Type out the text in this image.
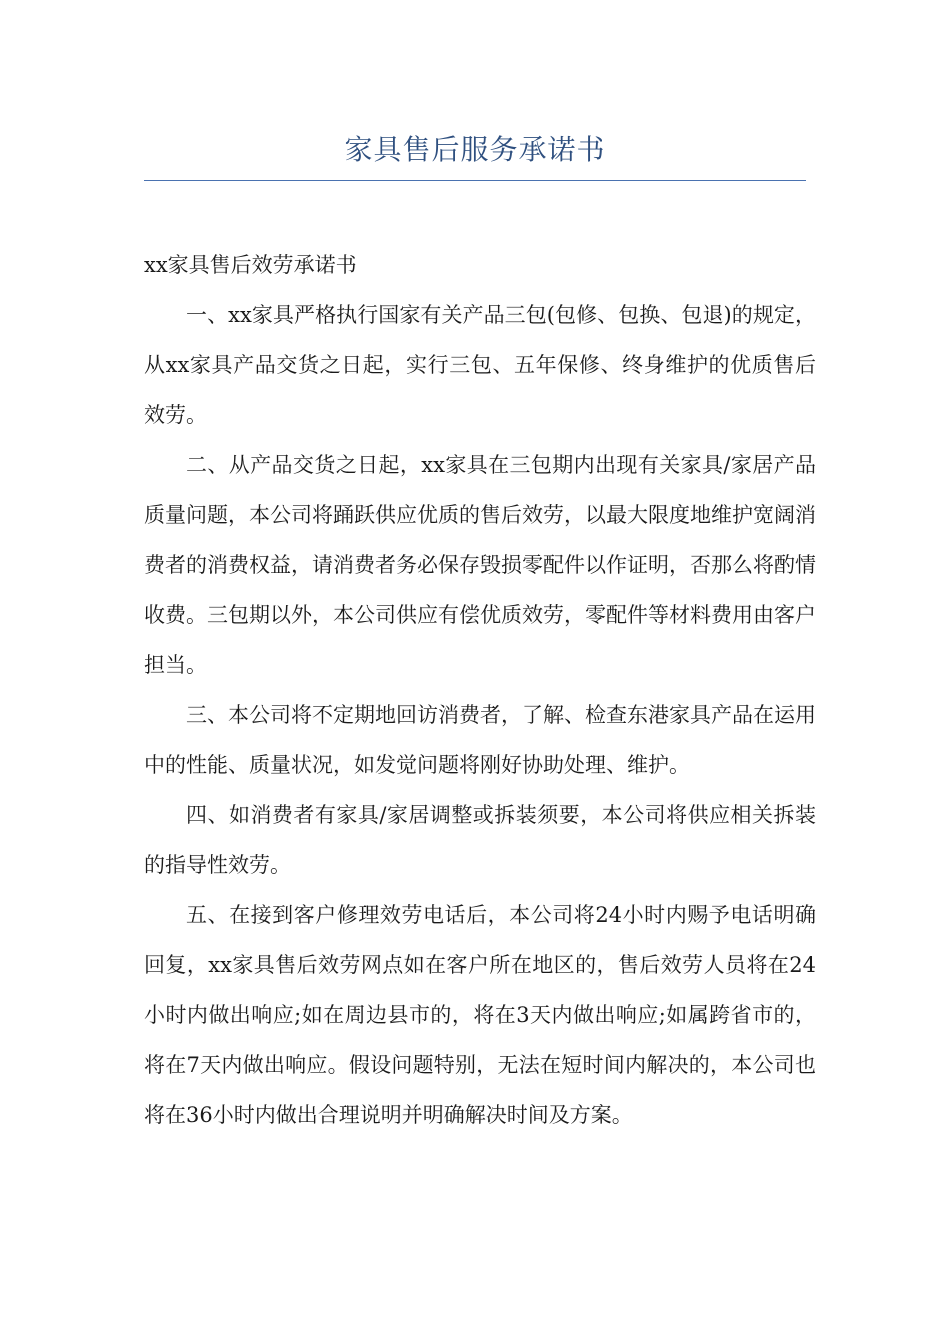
家具售后服务承诺书

xx家具售后效劳承诺书

一、xx家具严格执行国家有关产品三包(包修、包换、包退)的规定，从xx家具产品交货之日起，实行三包、五年保修、终身维护的优质售后效劳。

二、从产品交货之日起，xx家具在三包期内出现有关家具/家居产品质量问题，本公司将踊跃供应优质的售后效劳，以最大限度地维护宽阔消费者的消费权益，请消费者务必保存毁损零配件以作证明，否那么将酌情收费。三包期以外，本公司供应有偿优质效劳，零配件等材料费用由客户担当。

三、本公司将不定期地回访消费者，了解、检查东港家具产品在运用中的性能、质量状况，如发觉问题将刚好协助处理、维护。

四、如消费者有家具/家居调整或拆装须要，本公司将供应相关拆装的指导性效劳。

五、在接到客户修理效劳电话后，本公司将24小时内赐予电话明确回复，xx家具售后效劳网点如在客户所在地区的，售后效劳人员将在24小时内做出响应;如在周边县市的，将在3天内做出响应;如属跨省市的，将在7天内做出响应。假设问题特别，无法在短时间内解决的，本公司也将在36小时内做出合理说明并明确解决时间及方案。
